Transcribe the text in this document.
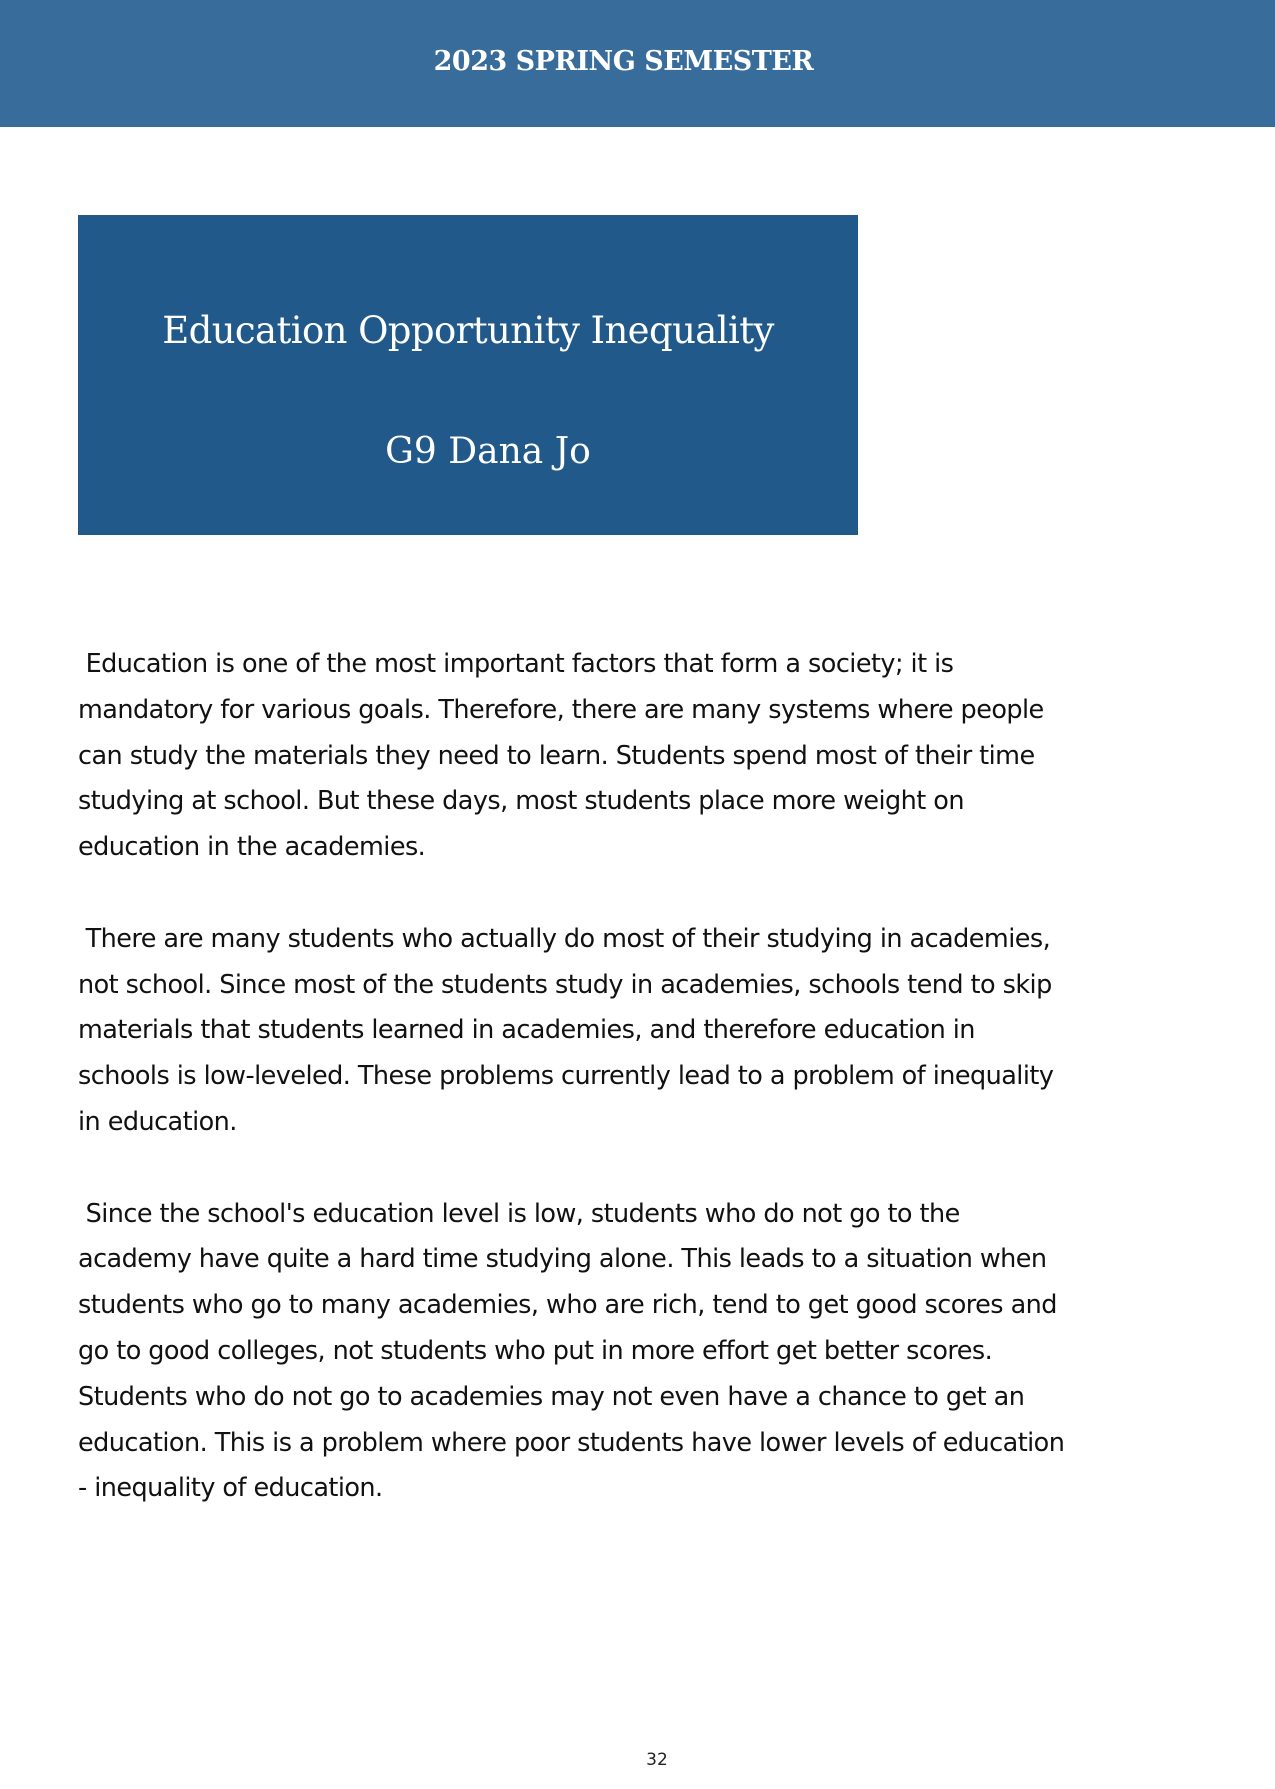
2023 SPRING SEMESTER
Education Opportunity Inequality
G9 Dana Jo

Education is one of the most important factors that form a society; it is
mandatory for various goals. Therefore, there are many systems where people
can study the materials they need to learn. Students spend most of their time
studying at school. But these days, most students place more weight on
education in the academies.

There are many students who actually do most of their studying in academies,
not school. Since most of the students study in academies, schools tend to skip
materials that students learned in academies, and therefore education in
schools is low-leveled. These problems currently lead to a problem of inequality
in education.

Since the school's education level is low, students who do not go to the
academy have quite a hard time studying alone. This leads to a situation when
students who go to many academies, who are rich, tend to get good scores and
go to good colleges, not students who put in more effort get better scores.
Students who do not go to academies may not even have a chance to get an
education. This is a problem where poor students have lower levels of education
- inequality of education.

32
